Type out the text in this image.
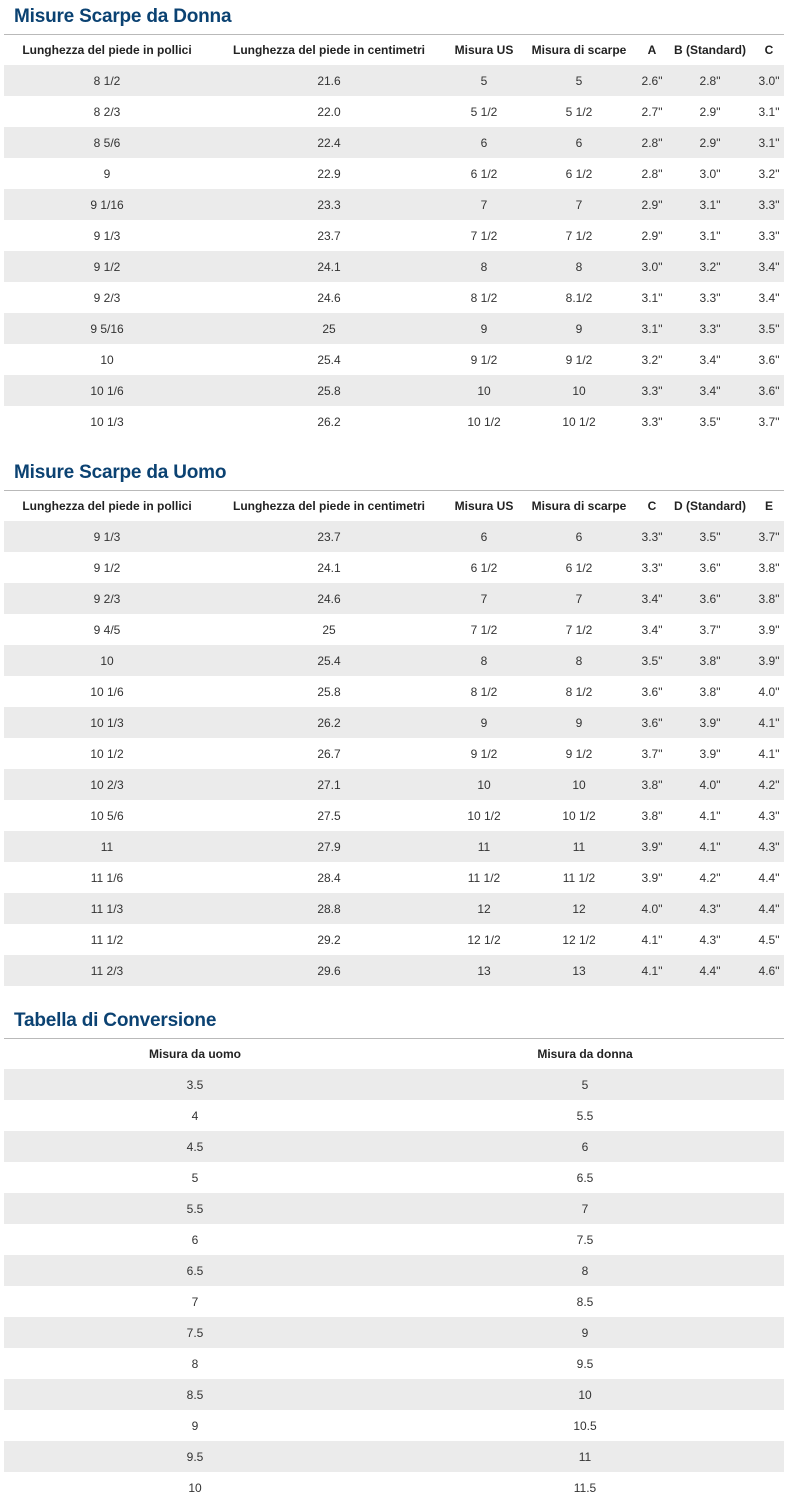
Misure Scarpe da Donna
Lunghezza del piede in pollici	Lunghezza del piede in centimetri	Misura US	Misura di scarpe	A	B (Standard)	C
8 1/2	21.6	5	5	2.6"	2.8"	3.0"
8 2/3	22.0	5 1/2	5 1/2	2.7"	2.9"	3.1"
8 5/6	22.4	6	6	2.8"	2.9"	3.1"
9	22.9	6 1/2	6 1/2	2.8"	3.0"	3.2"
9 1/16	23.3	7	7	2.9"	3.1"	3.3"
9 1/3	23.7	7 1/2	7 1/2	2.9"	3.1"	3.3"
9 1/2	24.1	8	8	3.0"	3.2"	3.4"
9 2/3	24.6	8 1/2	8.1/2	3.1"	3.3"	3.4"
9 5/16	25	9	9	3.1"	3.3"	3.5"
10	25.4	9 1/2	9 1/2	3.2"	3.4"	3.6"
10 1/6	25.8	10	10	3.3"	3.4"	3.6"
10 1/3	26.2	10 1/2	10 1/2	3.3"	3.5"	3.7"
Misure Scarpe da Uomo
Lunghezza del piede in pollici	Lunghezza del piede in centimetri	Misura US	Misura di scarpe	C	D (Standard)	E
9 1/3	23.7	6	6	3.3"	3.5"	3.7"
9 1/2	24.1	6 1/2	6 1/2	3.3"	3.6"	3.8"
9 2/3	24.6	7	7	3.4"	3.6"	3.8"
9 4/5	25	7 1/2	7 1/2	3.4"	3.7"	3.9"
10	25.4	8	8	3.5"	3.8"	3.9"
10 1/6	25.8	8 1/2	8 1/2	3.6"	3.8"	4.0"
10 1/3	26.2	9	9	3.6"	3.9"	4.1"
10 1/2	26.7	9 1/2	9 1/2	3.7"	3.9"	4.1"
10 2/3	27.1	10	10	3.8"	4.0"	4.2"
10 5/6	27.5	10 1/2	10 1/2	3.8"	4.1"	4.3"
11	27.9	11	11	3.9"	4.1"	4.3"
11 1/6	28.4	11 1/2	11 1/2	3.9"	4.2"	4.4"
11 1/3	28.8	12	12	4.0"	4.3"	4.4"
11 1/2	29.2	12 1/2	12 1/2	4.1"	4.3"	4.5"
11 2/3	29.6	13	13	4.1"	4.4"	4.6"
Tabella di Conversione
Misura da uomo	Misura da donna
3.5	5
4	5.5
4.5	6
5	6.5
5.5	7
6	7.5
6.5	8
7	8.5
7.5	9
8	9.5
8.5	10
9	10.5
9.5	11
10	11.5
